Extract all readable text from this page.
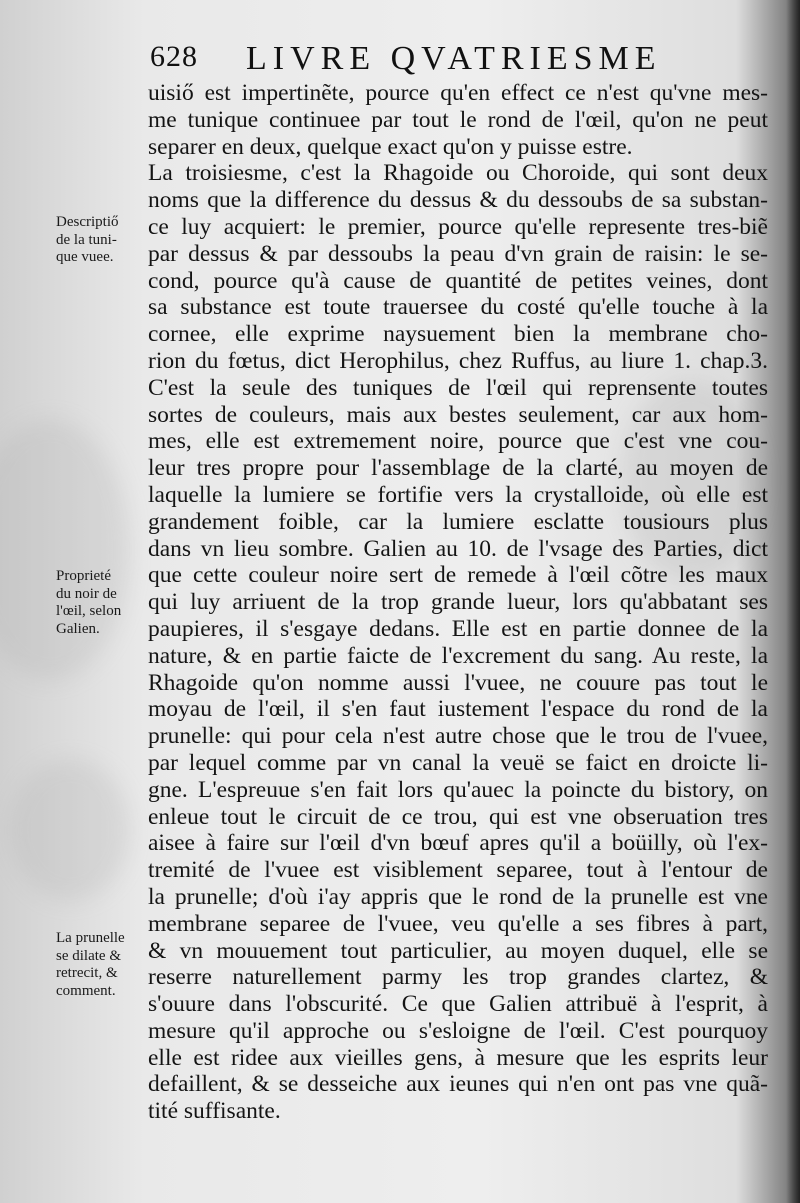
628 LIVRE QVATRIESME
uisiő est impertinẽte, pource qu'en effect ce n'est qu'vne mes-
me tunique continuee par tout le rond de l'œil, qu'on ne peut
separer en deux, quelque exact qu'on y puisse estre.
La troisiesme, c'est la Rhagoide ou Choroide, qui sont deux
noms que la difference du dessus & du dessoubs de sa substan-
ce luy acquiert: le premier, pource qu'elle represente tres-biẽ
par dessus & par dessoubs la peau d'vn grain de raisin: le se-
cond, pource qu'à cause de quantité de petites veines, dont
sa substance est toute trauersee du costé qu'elle touche à la
cornee, elle exprime naysuement bien la membrane cho-
rion du fœtus, dict Herophilus, chez Ruffus, au liure 1. chap.3.
C'est la seule des tuniques de l'œil qui reprensente toutes
sortes de couleurs, mais aux bestes seulement, car aux hom-
mes, elle est extremement noire, pource que c'est vne cou-
leur tres propre pour l'assemblage de la clarté, au moyen de
laquelle la lumiere se fortifie vers la crystalloide, où elle est
grandement foible, car la lumiere esclatte tousiours plus
dans vn lieu sombre. Galien au 10. de l'vsage des Parties, dict
que cette couleur noire sert de remede à l'œil cõtre les maux
qui luy arriuent de la trop grande lueur, lors qu'abbatant ses
paupieres, il s'esgaye dedans. Elle est en partie donnee de la
nature, & en partie faicte de l'excrement du sang. Au reste, la
Rhagoide qu'on nomme aussi l'vuee, ne couure pas tout le
moyau de l'œil, il s'en faut iustement l'espace du rond de la
prunelle: qui pour cela n'est autre chose que le trou de l'vuee,
par lequel comme par vn canal la veuë se faict en droicte li-
gne. L'espreuue s'en fait lors qu'auec la poincte du bistory, on
enleue tout le circuit de ce trou, qui est vne obseruation tres
aisee à faire sur l'œil d'vn bœuf apres qu'il a boüilly, où l'ex-
tremité de l'vuee est visiblement separee, tout à l'entour de
la prunelle; d'où i'ay appris que le rond de la prunelle est vne
membrane separee de l'vuee, veu qu'elle a ses fibres à part,
& vn mouuement tout particulier, au moyen duquel, elle se
reserre naturellement parmy les trop grandes clartez, &
s'ouure dans l'obscurité. Ce que Galien attribuë à l'esprit, à
mesure qu'il approche ou s'esloigne de l'œil. C'est pourquoy
elle est ridee aux vieilles gens, à mesure que les esprits leur
defaillent, & se desseiche aux ieunes qui n'en ont pas vne quã-
tité suffisante.
Descriptiő
de la tuni-
que vuee.
Proprieté
du noir de
l'œil, selon
Galien.
La prunelle
se dilate &
retrecit, &
comment.
